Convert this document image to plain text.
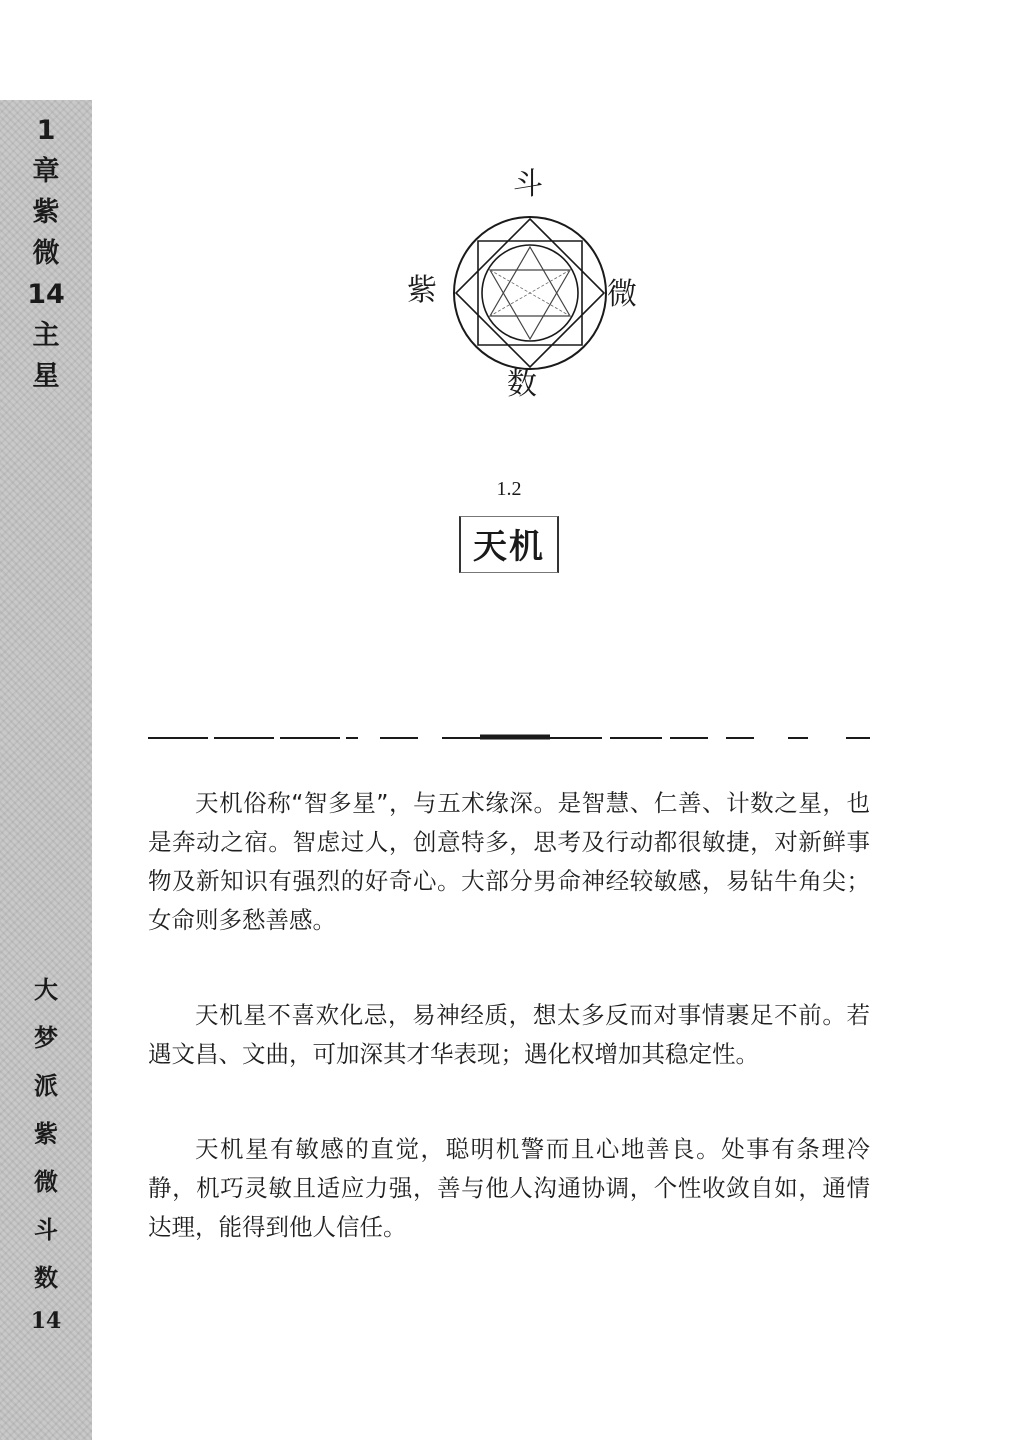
1
章
紫
微
14
主
星
大
梦
派
紫
微
斗
数
14
斗
紫	微
数
1.2
天机

天机俗称“智多星”，与五术缘深。是智慧、仁善、计数之星，也是奔动之宿。智虑过人，创意特多，思考及行动都很敏捷，对新鲜事物及新知识有强烈的好奇心。大部分男命神经较敏感，易钻牛角尖；女命则多愁善感。

天机星不喜欢化忌，易神经质，想太多反而对事情裹足不前。若遇文昌、文曲，可加深其才华表现；遇化权增加其稳定性。

天机星有敏感的直觉，聪明机警而且心地善良。处事有条理冷静，机巧灵敏且适应力强，善与他人沟通协调，个性收敛自如，通情达理，能得到他人信任。
